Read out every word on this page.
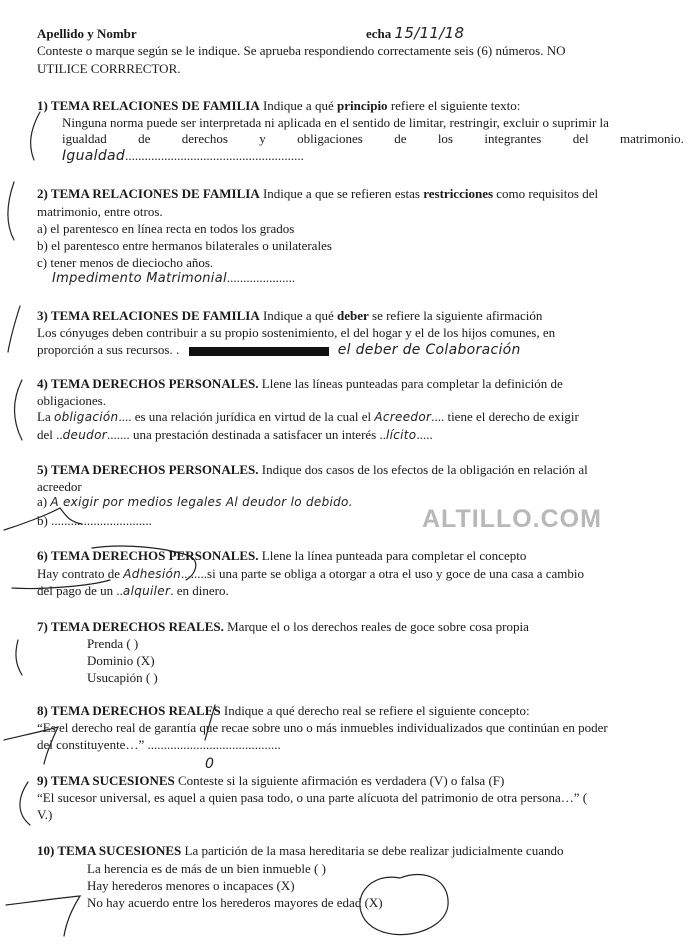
Apellido y Nombr	echa 15/11/18
Conteste o marque según se le indique. Se aprueba respondiendo correctamente seis (6) números. NO
UTILICE CORRRECTOR.
1) TEMA RELACIONES DE FAMILIA Indique a qué principio refiere el siguiente texto:
Ninguna norma puede ser interpretada ni aplicada en el sentido de limitar, restringir, excluir o suprimir la
igualdad de derechos y obligaciones de los integrantes del matrimonio.
Igualdad.......................................................
2) TEMA RELACIONES DE FAMILIA Indique a que se refieren estas restricciones como requisitos del
matrimonio, entre otros.
a) el parentesco en línea recta en todos los grados
b) el parentesco entre hermanos bilaterales o unilaterales
c) tener menos de dieciocho años.
Impedimento Matrimonial.....................
3) TEMA RELACIONES DE FAMILIA Indique a qué deber se refiere la siguiente afirmación
Los cónyuges deben contribuir a su propio sostenimiento, el del hogar y el de los hijos comunes, en
proporción a sus recursos. .	el deber de Colaboración
4) TEMA DERECHOS PERSONALES. Llene las líneas punteadas para completar la definición de
obligaciones.
La obligación.... es una relación jurídica en virtud de la cual el Acreedor.... tiene el derecho de exigir
del ..deudor....... una prestación destinada a satisfacer un interés ..lícito.....
5) TEMA DERECHOS PERSONALES. Indique dos casos de los efectos de la obligación en relación al
acreedor
a) A exigir por medios legales Al deudor lo debido.
b) ...............................	ALTILLO.COM
6) TEMA DERECHOS PERSONALES. Llene la línea punteada para completar el concepto
Hay contrato de Adhesión........si una parte se obliga a otorgar a otra el uso y goce de una casa a cambio
del pago de un ..alquiler. en dinero.
7) TEMA DERECHOS REALES. Marque el o los derechos reales de goce sobre cosa propia
Prenda ( )
Dominio (X)
Usucapión ( )
8) TEMA DERECHOS REALES Indique a qué derecho real se refiere el siguiente concepto:
“Es el derecho real de garantía que recae sobre uno o más inmuebles individualizados que continúan en poder
del constituyente…” .........................................
0
9) TEMA SUCESIONES Conteste si la siguiente afirmación es verdadera (V) o falsa (F)
“El sucesor universal, es aquel a quien pasa todo, o una parte alícuota del patrimonio de otra persona…” (
V.)
10) TEMA SUCESIONES La partición de la masa hereditaria se debe realizar judicialmente cuando
La herencia es de más de un bien inmueble ( )
Hay herederos menores o incapaces (X)
No hay acuerdo entre los herederos mayores de edad (X)
